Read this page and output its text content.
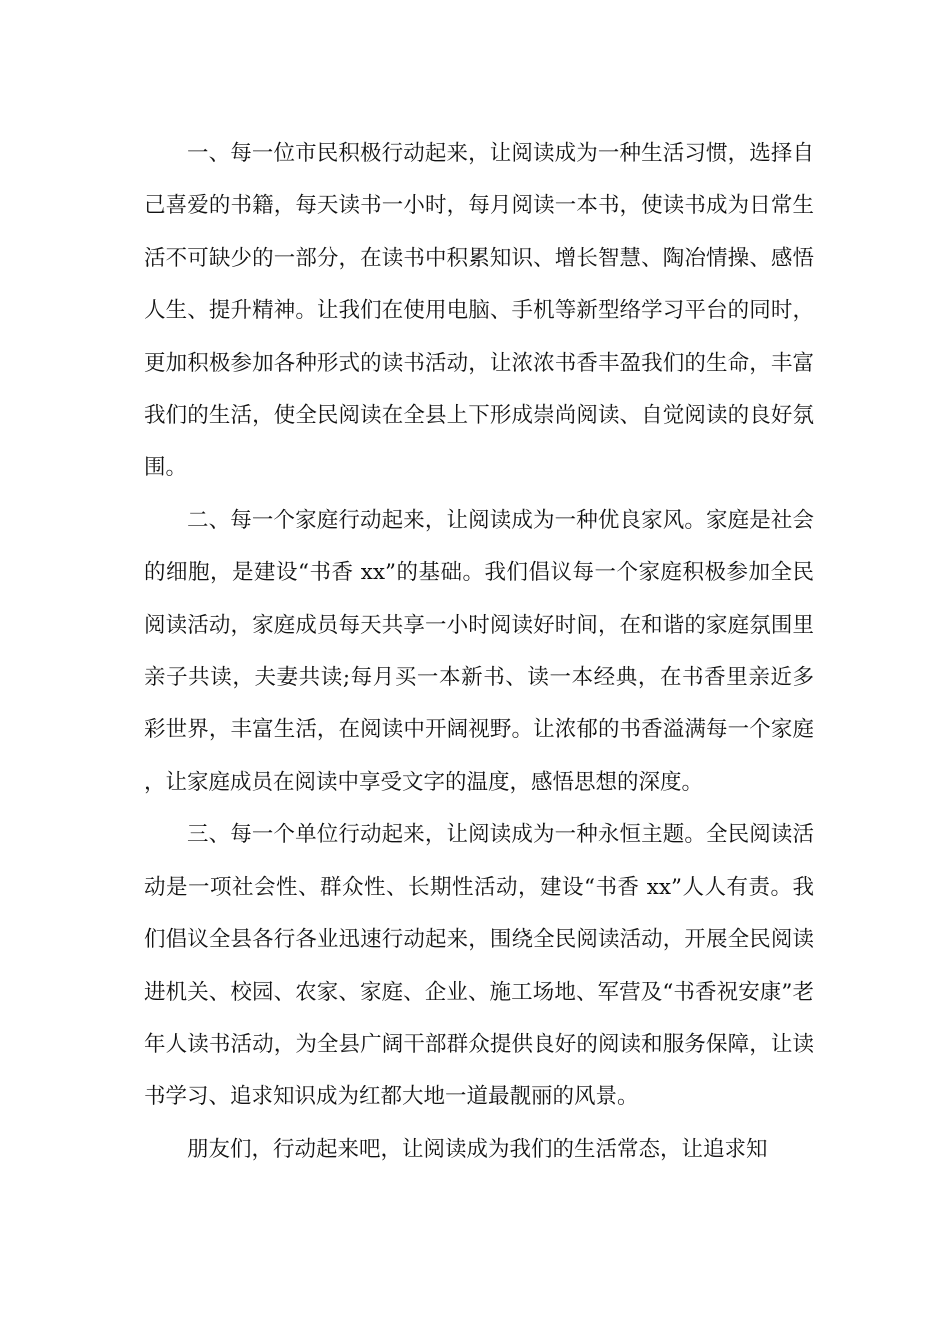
一、每一位市民积极行动起来，让阅读成为一种生活习惯，选择自己喜爱的书籍，每天读书一小时，每月阅读一本书，使读书成为日常生活不可缺少的一部分，在读书中积累知识、增长智慧、陶冶情操、感悟人生、提升精神。让我们在使用电脑、手机等新型络学习平台的同时，更加积极参加各种形式的读书活动，让浓浓书香丰盈我们的生命，丰富我们的生活，使全民阅读在全县上下形成崇尚阅读、自觉阅读的良好氛围。

二、每一个家庭行动起来，让阅读成为一种优良家风。家庭是社会的细胞，是建设“书香 xx”的基础。我们倡议每一个家庭积极参加全民阅读活动，家庭成员每天共享一小时阅读好时间，在和谐的家庭氛围里亲子共读，夫妻共读;每月买一本新书、读一本经典，在书香里亲近多彩世界，丰富生活，在阅读中开阔视野。让浓郁的书香溢满每一个家庭，让家庭成员在阅读中享受文字的温度，感悟思想的深度。

三、每一个单位行动起来，让阅读成为一种永恒主题。全民阅读活动是一项社会性、群众性、长期性活动，建设“书香 xx”人人有责。我们倡议全县各行各业迅速行动起来，围绕全民阅读活动，开展全民阅读进机关、校园、农家、家庭、企业、施工场地、军营及“书香祝安康”老年人读书活动，为全县广阔干部群众提供良好的阅读和服务保障，让读书学习、追求知识成为红都大地一道最靓丽的风景。

朋友们，行动起来吧，让阅读成为我们的生活常态，让追求知
